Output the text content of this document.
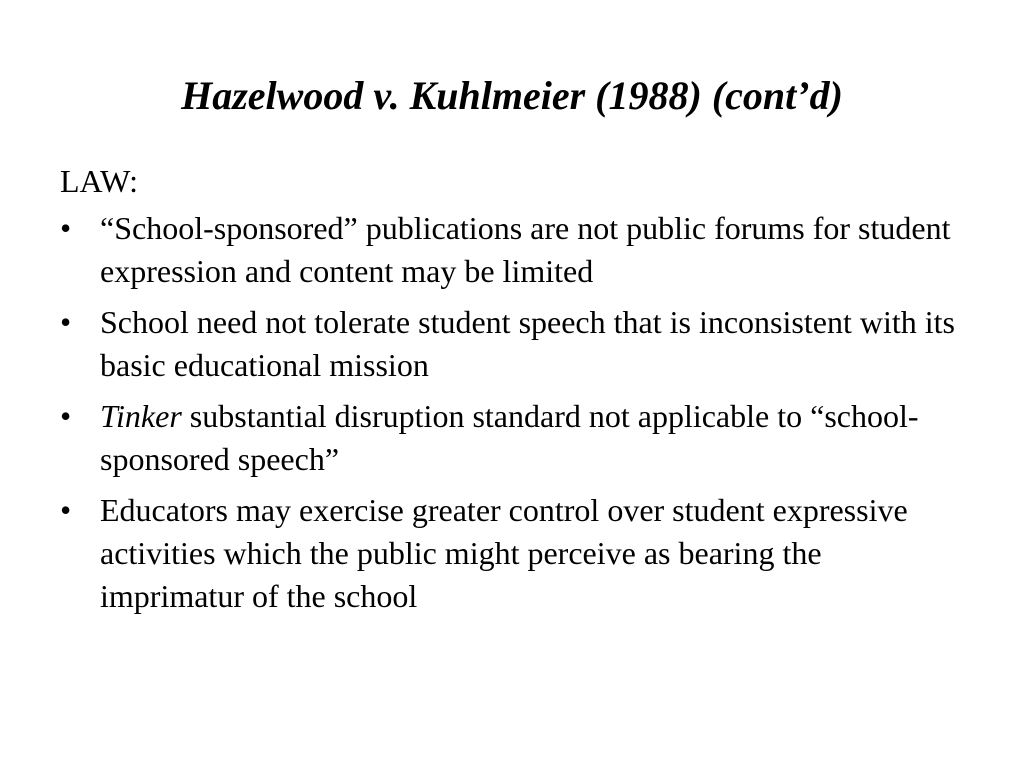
Hazelwood v. Kuhlmeier (1988) (cont’d)
LAW:
• “School-sponsored” publications are not public forums for student expression and content may be limited
• School need not tolerate student speech that is inconsistent with its basic educational mission
• Tinker substantial disruption standard not applicable to “school-sponsored speech”
• Educators may exercise greater control over student expressive activities which the public might perceive as bearing the imprimatur of the school
